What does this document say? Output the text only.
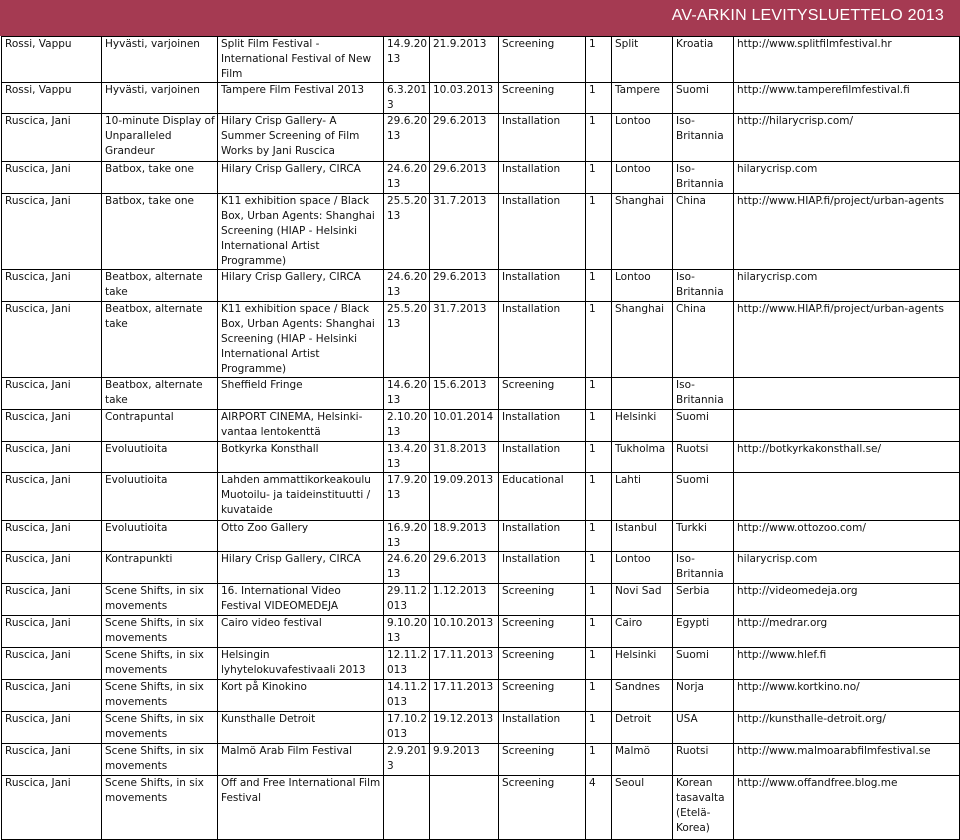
AV-ARKIN LEVITYSLUETTELO 2013
Rossi, Vappu	Hyvästi, varjoinen	Split Film Festival - International Festival of New Film	14.9.2013	21.9.2013	Screening	1	Split	Kroatia	http://www.splitfilmfestival.hr
Rossi, Vappu	Hyvästi, varjoinen	Tampere Film Festival 2013	6.3.2013	10.03.2013	Screening	1	Tampere	Suomi	http://www.tamperefilmfestival.fi
Ruscica, Jani	10-minute Display of Unparalleled Grandeur	Hilary Crisp Gallery- A Summer Screening of Film Works by Jani Ruscica	29.6.2013	29.6.2013	Installation	1	Lontoo	Iso-Britannia	http://hilarycrisp.com/
Ruscica, Jani	Batbox, take one	Hilary Crisp Gallery, CIRCA	24.6.2013	29.6.2013	Installation	1	Lontoo	Iso-Britannia	hilarycrisp.com
Ruscica, Jani	Batbox, take one	K11 exhibition space / Black Box, Urban Agents: Shanghai Screening (HIAP - Helsinki International Artist Programme)	25.5.2013	31.7.2013	Installation	1	Shanghai	China	http://www.HIAP.fi/project/urban-agents
Ruscica, Jani	Beatbox, alternate take	Hilary Crisp Gallery, CIRCA	24.6.2013	29.6.2013	Installation	1	Lontoo	Iso-Britannia	hilarycrisp.com
Ruscica, Jani	Beatbox, alternate take	K11 exhibition space / Black Box, Urban Agents: Shanghai Screening (HIAP - Helsinki International Artist Programme)	25.5.2013	31.7.2013	Installation	1	Shanghai	China	http://www.HIAP.fi/project/urban-agents
Ruscica, Jani	Beatbox, alternate take	Sheffield Fringe	14.6.2013	15.6.2013	Screening	1		Iso-Britannia	
Ruscica, Jani	Contrapuntal	AIRPORT CINEMA, Helsinki-vantaa lentokenttä	2.10.2013	10.01.2014	Installation	1	Helsinki	Suomi	
Ruscica, Jani	Evoluutioita	Botkyrka Konsthall	13.4.2013	31.8.2013	Installation	1	Tukholma	Ruotsi	http://botkyrkakonsthall.se/
Ruscica, Jani	Evoluutioita	Lahden ammattikorkeakoulu Muotoilu- ja taideinstituutti / kuvataide	17.9.2013	19.09.2013	Educational	1	Lahti	Suomi	
Ruscica, Jani	Evoluutioita	Otto Zoo Gallery	16.9.2013	18.9.2013	Installation	1	Istanbul	Turkki	http://www.ottozoo.com/
Ruscica, Jani	Kontrapunkti	Hilary Crisp Gallery, CIRCA	24.6.2013	29.6.2013	Installation	1	Lontoo	Iso-Britannia	hilarycrisp.com
Ruscica, Jani	Scene Shifts, in six movements	16. International Video Festival VIDEOMEDEJA	29.11.2013	1.12.2013	Screening	1	Novi Sad	Serbia	http://videomedeja.org
Ruscica, Jani	Scene Shifts, in six movements	Cairo video festival	9.10.2013	10.10.2013	Screening	1	Cairo	Egypti	http://medrar.org
Ruscica, Jani	Scene Shifts, in six movements	Helsingin lyhytelokuvafestivaali 2013	12.11.2013	17.11.2013	Screening	1	Helsinki	Suomi	http://www.hlef.fi
Ruscica, Jani	Scene Shifts, in six movements	Kort på Kinokino	14.11.2013	17.11.2013	Screening	1	Sandnes	Norja	http://www.kortkino.no/
Ruscica, Jani	Scene Shifts, in six movements	Kunsthalle Detroit	17.10.2013	19.12.2013	Installation	1	Detroit	USA	http://kunsthalle-detroit.org/
Ruscica, Jani	Scene Shifts, in six movements	Malmö Arab Film Festival	2.9.2013	9.9.2013	Screening	1	Malmö	Ruotsi	http://www.malmoarabfilmfestival.se
Ruscica, Jani	Scene Shifts, in six movements	Off and Free International Film Festival			Screening	4	Seoul	Korean tasavalta (Etelä-Korea)	http://www.offandfree.blog.me
